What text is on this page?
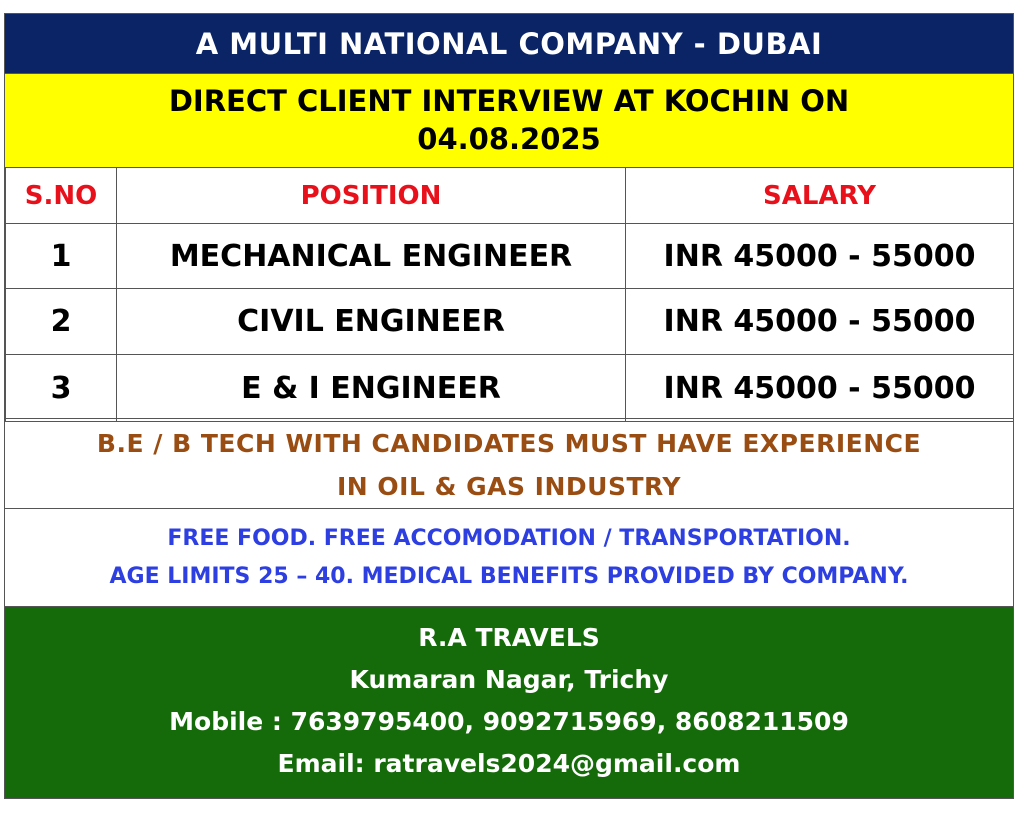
A MULTI NATIONAL COMPANY - DUBAI
DIRECT CLIENT INTERVIEW AT KOCHIN ON
04.08.2025
S.NO	POSITION	SALARY
1	MECHANICAL ENGINEER	INR 45000 - 55000
2	CIVIL ENGINEER	INR 45000 - 55000
3	E & I ENGINEER	INR 45000 - 55000
B.E / B TECH WITH CANDIDATES MUST HAVE EXPERIENCE
IN OIL & GAS INDUSTRY
FREE FOOD. FREE ACCOMODATION / TRANSPORTATION.
AGE LIMITS 25 – 40. MEDICAL BENEFITS PROVIDED BY COMPANY.
R.A TRAVELS
Kumaran Nagar, Trichy
Mobile : 7639795400, 9092715969, 8608211509
Email: ratravels2024@gmail.com
